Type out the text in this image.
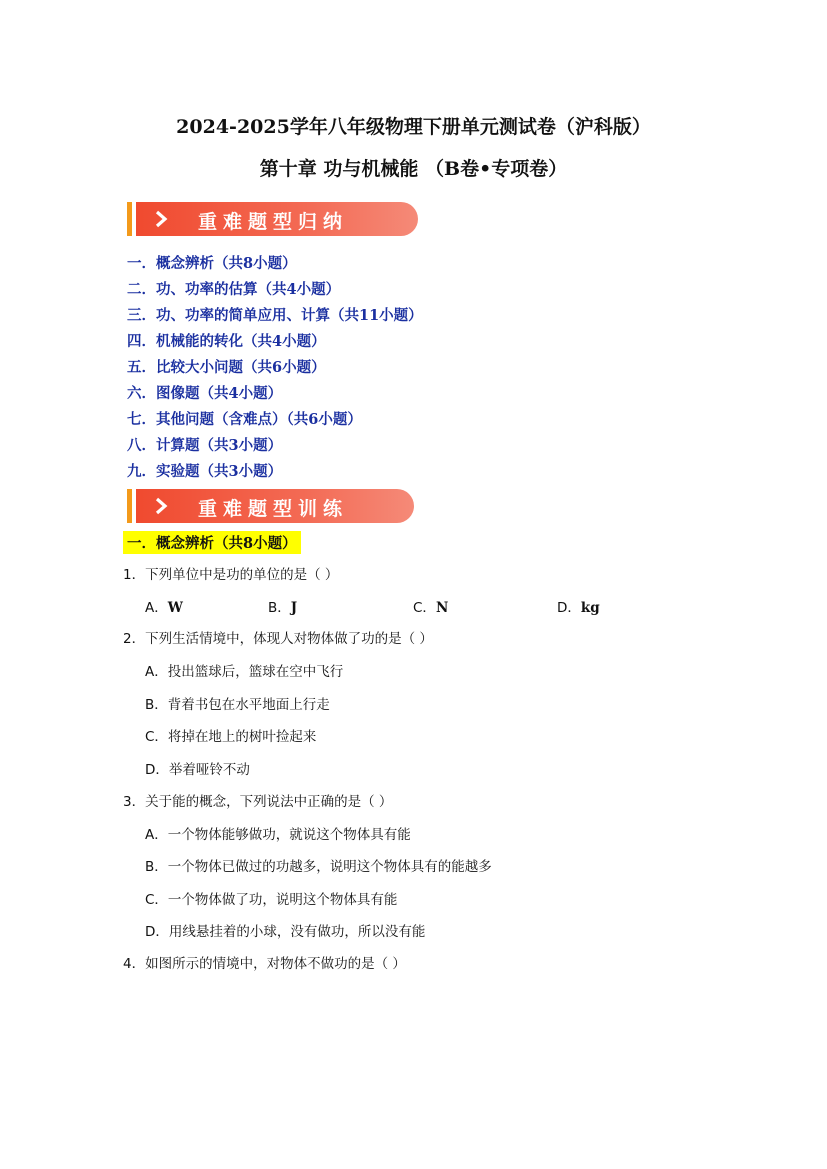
2024-2025学年八年级物理下册单元测试卷（沪科版）
第十章 功与机械能 （B卷•专项卷）
重难题型归纳
一．概念辨析（共8小题）
二．功、功率的估算（共4小题）
三．功、功率的简单应用、计算（共11小题）
四．机械能的转化（共4小题）
五．比较大小问题（共6小题）
六．图像题（共4小题）
七．其他问题（含难点）（共6小题）
八．计算题（共3小题）
九．实验题（共3小题）
重难题型训练
一．概念辨析（共8小题）
1．下列单位中是功的单位的是（ ）
A．W	B．J	C．N	D．kg
2．下列生活情境中，体现人对物体做了功的是（ ）
A．投出篮球后，篮球在空中飞行
B．背着书包在水平地面上行走
C．将掉在地上的树叶捡起来
D．举着哑铃不动
3．关于能的概念，下列说法中正确的是（ ）
A．一个物体能够做功，就说这个物体具有能
B．一个物体已做过的功越多，说明这个物体具有的能越多
C．一个物体做了功，说明这个物体具有能
D．用线悬挂着的小球，没有做功，所以没有能
4．如图所示的情境中，对物体不做功的是（ ）
